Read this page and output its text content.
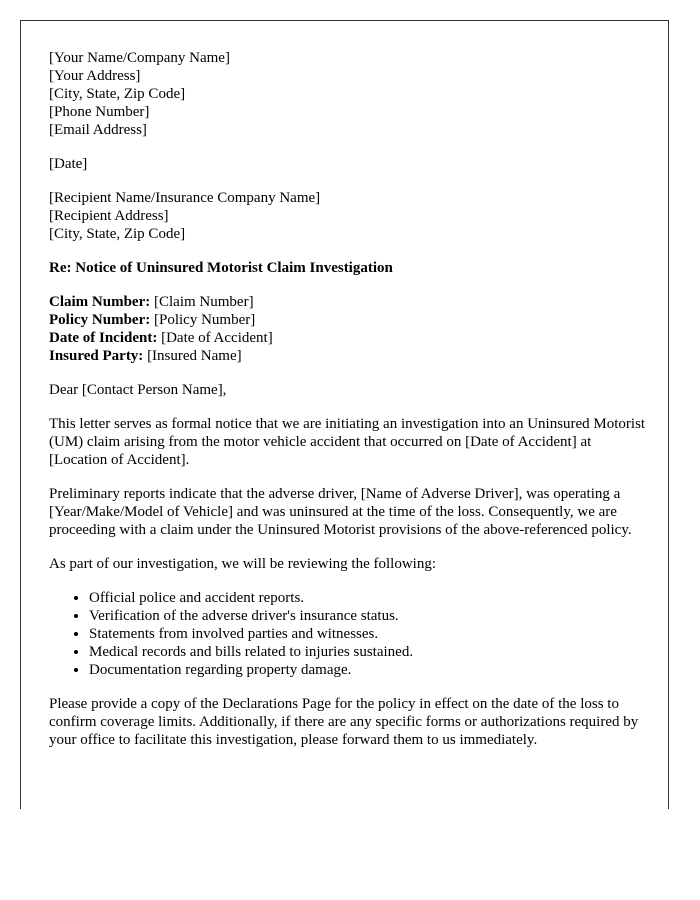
[Your Name/Company Name]
[Your Address]
[City, State, Zip Code]
[Phone Number]
[Email Address]
[Date]
[Recipient Name/Insurance Company Name]
[Recipient Address]
[City, State, Zip Code]
Re: Notice of Uninsured Motorist Claim Investigation
Claim Number: [Claim Number]
Policy Number: [Policy Number]
Date of Incident: [Date of Accident]
Insured Party: [Insured Name]

Dear [Contact Person Name],

This letter serves as formal notice that we are initiating an investigation into an Uninsured Motorist (UM) claim arising from the motor vehicle accident that occurred on [Date of Accident] at [Location of Accident].

Preliminary reports indicate that the adverse driver, [Name of Adverse Driver], was operating a [Year/Make/Model of Vehicle] and was uninsured at the time of the loss. Consequently, we are proceeding with a claim under the Uninsured Motorist provisions of the above-referenced policy.

As part of our investigation, we will be reviewing the following:

• Official police and accident reports.
• Verification of the adverse driver's insurance status.
• Statements from involved parties and witnesses.
• Medical records and bills related to injuries sustained.
• Documentation regarding property damage.

Please provide a copy of the Declarations Page for the policy in effect on the date of the loss to confirm coverage limits. Additionally, if there are any specific forms or authorizations required by your office to facilitate this investigation, please forward them to us immediately.
